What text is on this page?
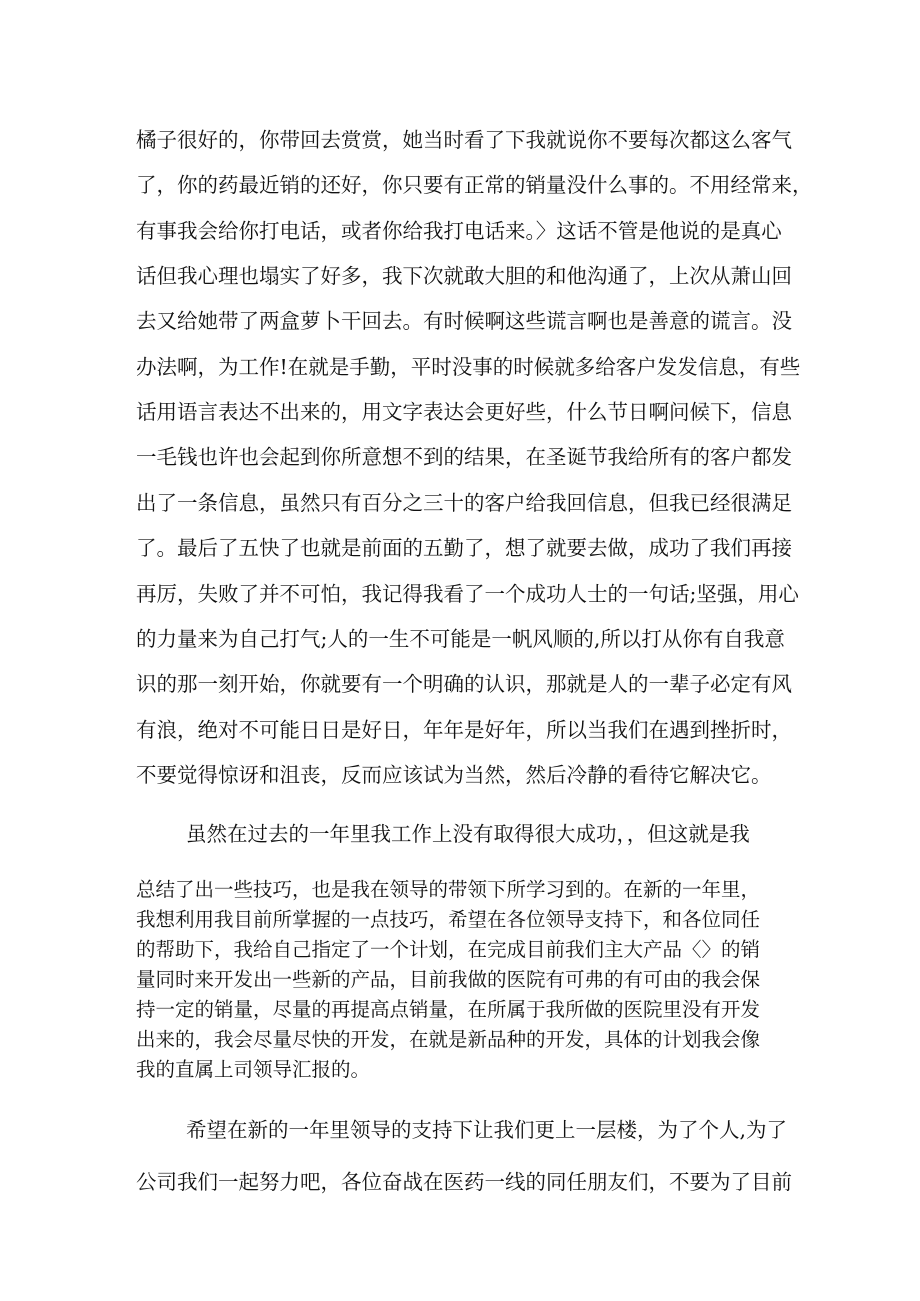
橘子很好的，你带回去赏赏，她当时看了下我就说你不要每次都这么客气
了，你的药最近销的还好，你只要有正常的销量没什么事的。不用经常来，
有事我会给你打电话，或者你给我打电话来。〉这话不管是他说的是真心
话但我心理也塌实了好多，我下次就敢大胆的和他沟通了，上次从萧山回
去又给她带了两盒萝卜干回去。有时候啊这些谎言啊也是善意的谎言。没
办法啊，为工作!在就是手勤，平时没事的时候就多给客户发发信息，有些
话用语言表达不出来的，用文字表达会更好些，什么节日啊问候下，信息
一毛钱也许也会起到你所意想不到的结果，在圣诞节我给所有的客户都发
出了一条信息，虽然只有百分之三十的客户给我回信息，但我已经很满足
了。最后了五快了也就是前面的五勤了，想了就要去做，成功了我们再接
再厉，失败了并不可怕，我记得我看了一个成功人士的一句话;坚强，用心
的力量来为自己打气;人的一生不可能是一帆风顺的,所以打从你有自我意
识的那一刻开始，你就要有一个明确的认识，那就是人的一辈子必定有风
有浪，绝对不可能日日是好日，年年是好年，所以当我们在遇到挫折时，
不要觉得惊讶和沮丧，反而应该试为当然，然后冷静的看待它解决它。
虽然在过去的一年里我工作上没有取得很大成功，，但这就是我
总结了出一些技巧，也是我在领导的带领下所学习到的。在新的一年里，
我想利用我目前所掌握的一点技巧，希望在各位领导支持下，和各位同任
的帮助下，我给自己指定了一个计划，在完成目前我们主大产品〈〉的销
量同时来开发出一些新的产品，目前我做的医院有可弗的有可由的我会保
持一定的销量，尽量的再提高点销量，在所属于我所做的医院里没有开发
出来的，我会尽量尽快的开发，在就是新品种的开发，具体的计划我会像
我的直属上司领导汇报的。
希望在新的一年里领导的支持下让我们更上一层楼，为了个人,为了
公司我们一起努力吧，各位奋战在医药一线的同任朋友们，不要为了目前
